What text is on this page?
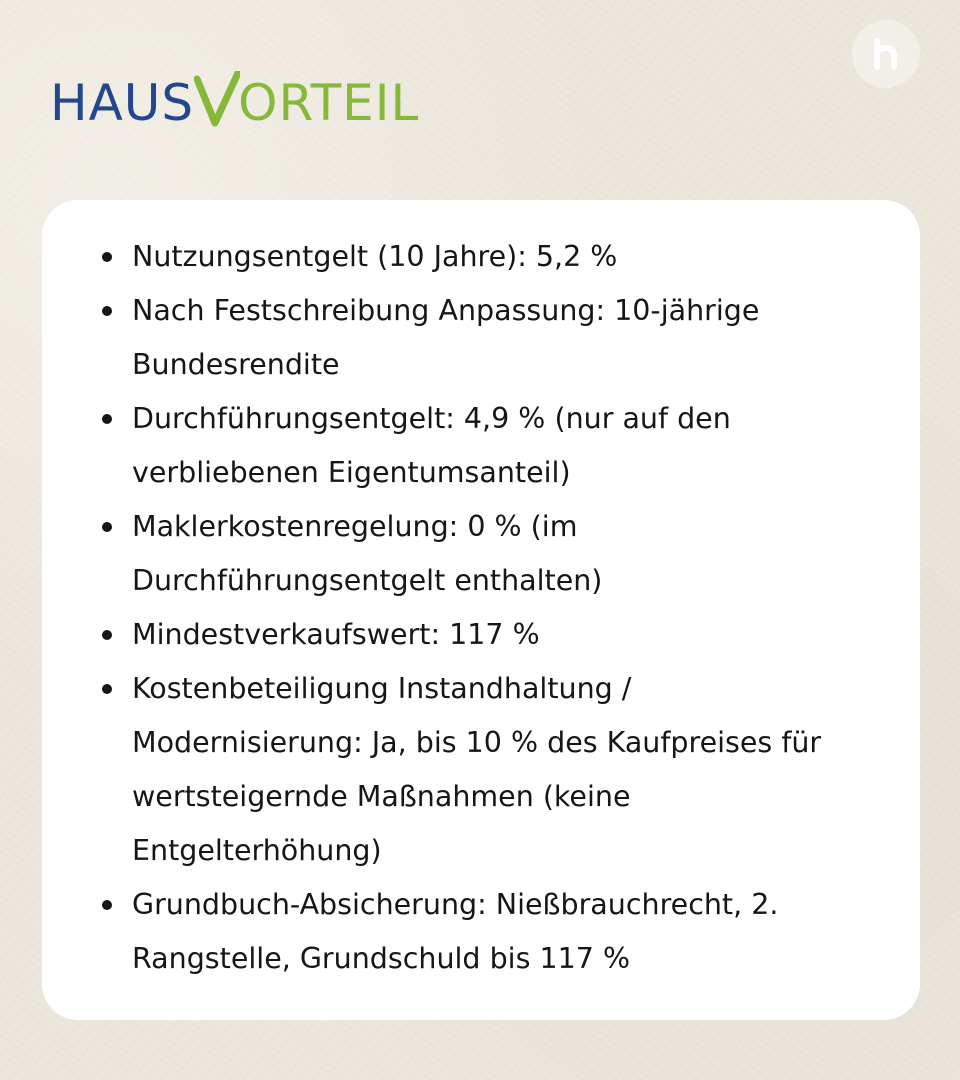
HAUS ORTEIL
Nutzungsentgelt (10 Jahre): 5,2 %
Nach Festschreibung Anpassung: 10-jährige Bundesrendite
Durchführungsentgelt: 4,9 % (nur auf den verbliebenen Eigentumsanteil)
Maklerkostenregelung: 0 % (im Durchführungsentgelt enthalten)
Mindestverkaufswert: 117 %
Kostenbeteiligung Instandhaltung / Modernisierung: Ja, bis 10 % des Kaufpreises für wertsteigernde Maßnahmen (keine Entgelterhöhung)
Grundbuch-Absicherung: Nießbrauchrecht, 2. Rangstelle, Grundschuld bis 117 %
